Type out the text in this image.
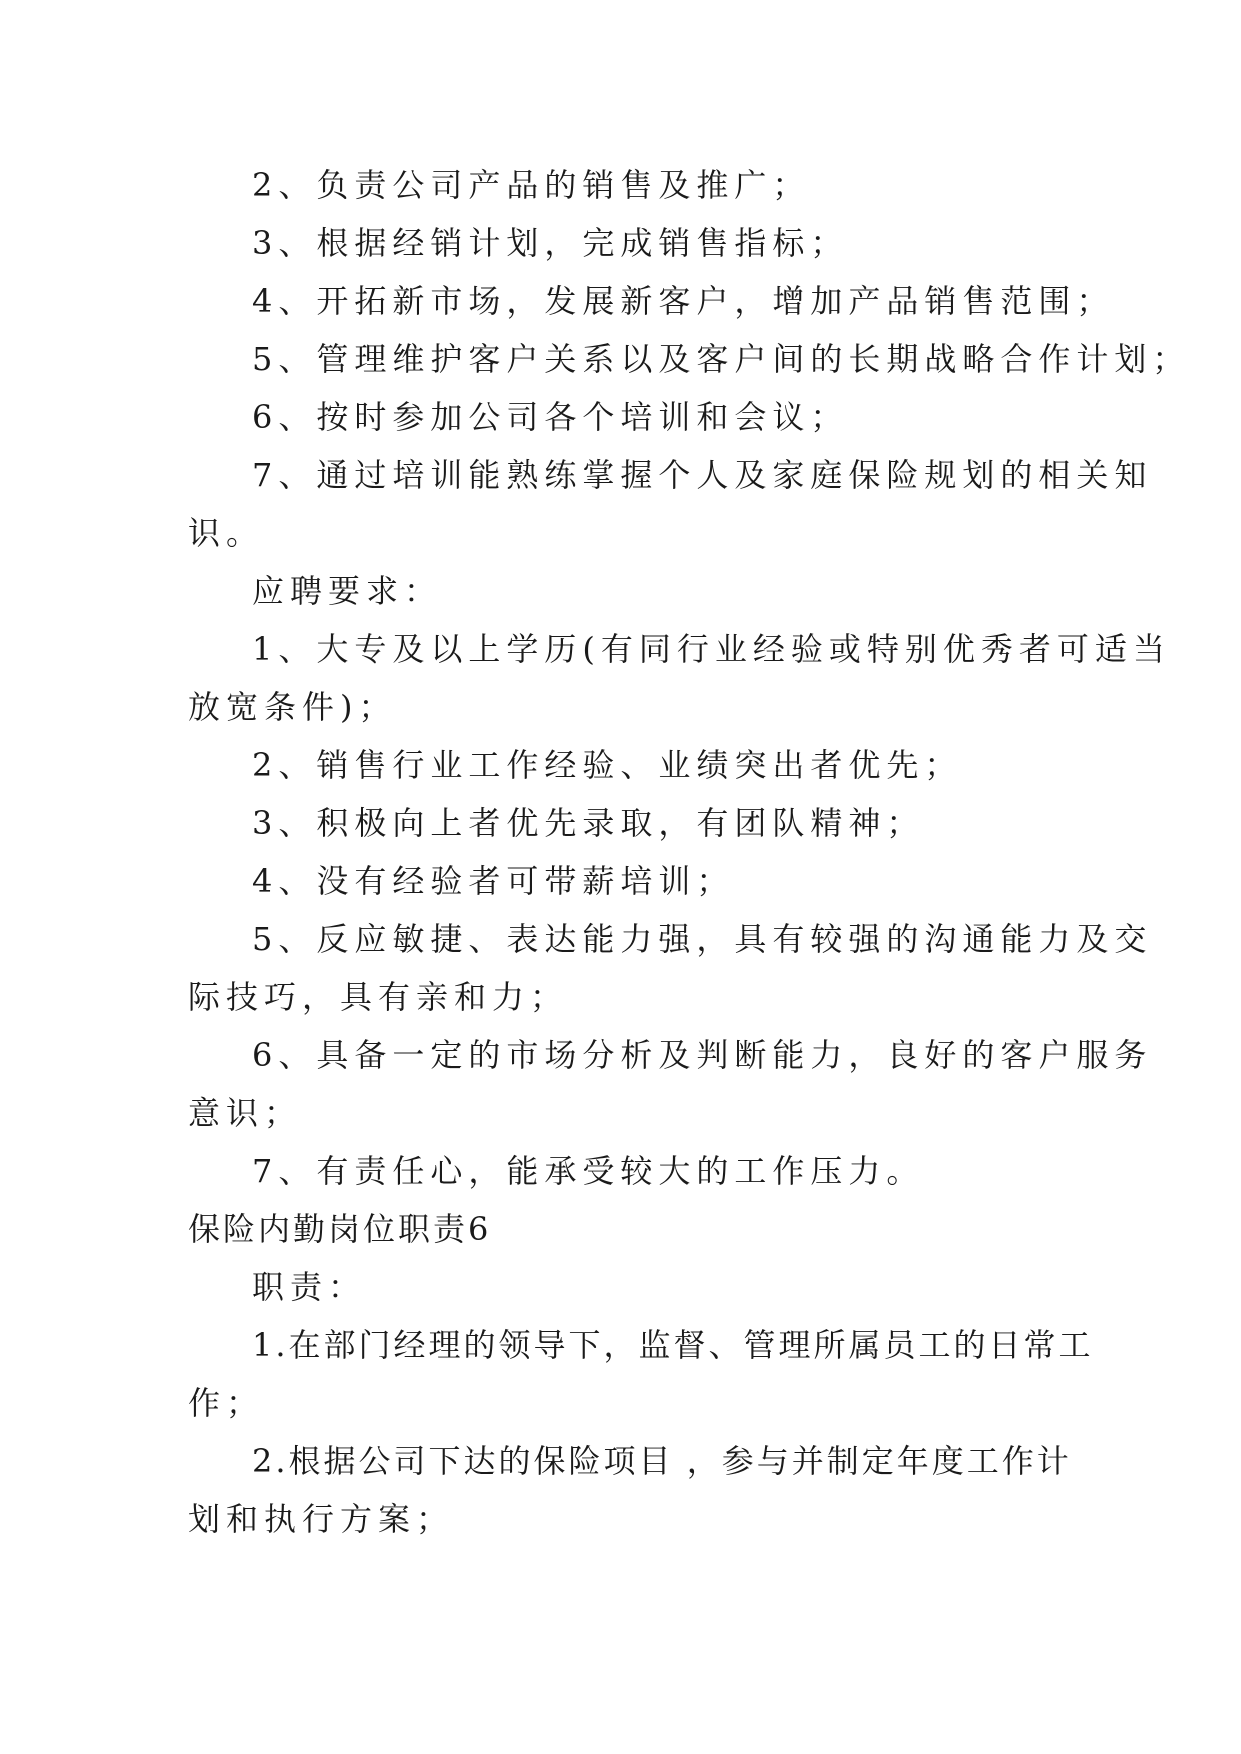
2、负责公司产品的销售及推广；
3、根据经销计划，完成销售指标；
4、开拓新市场，发展新客户，增加产品销售范围；
5、管理维护客户关系以及客户间的长期战略合作计划；
6、按时参加公司各个培训和会议；
7、通过培训能熟练掌握个人及家庭保险规划的相关知
识。
应聘要求：
1、大专及以上学历(有同行业经验或特别优秀者可适当
放宽条件)；
2、销售行业工作经验、业绩突出者优先；
3、积极向上者优先录取，有团队精神；
4、没有经验者可带薪培训；
5、反应敏捷、表达能力强，具有较强的沟通能力及交
际技巧，具有亲和力；
6、具备一定的市场分析及判断能力，良好的客户服务
意识；
7、有责任心，能承受较大的工作压力。
保险内勤岗位职责6
职责：
1.在部门经理的领导下，监督、管理所属员工的日常工
作；
2.根据公司下达的保险项目 ，参与并制定年度工作计
划和执行方案；
